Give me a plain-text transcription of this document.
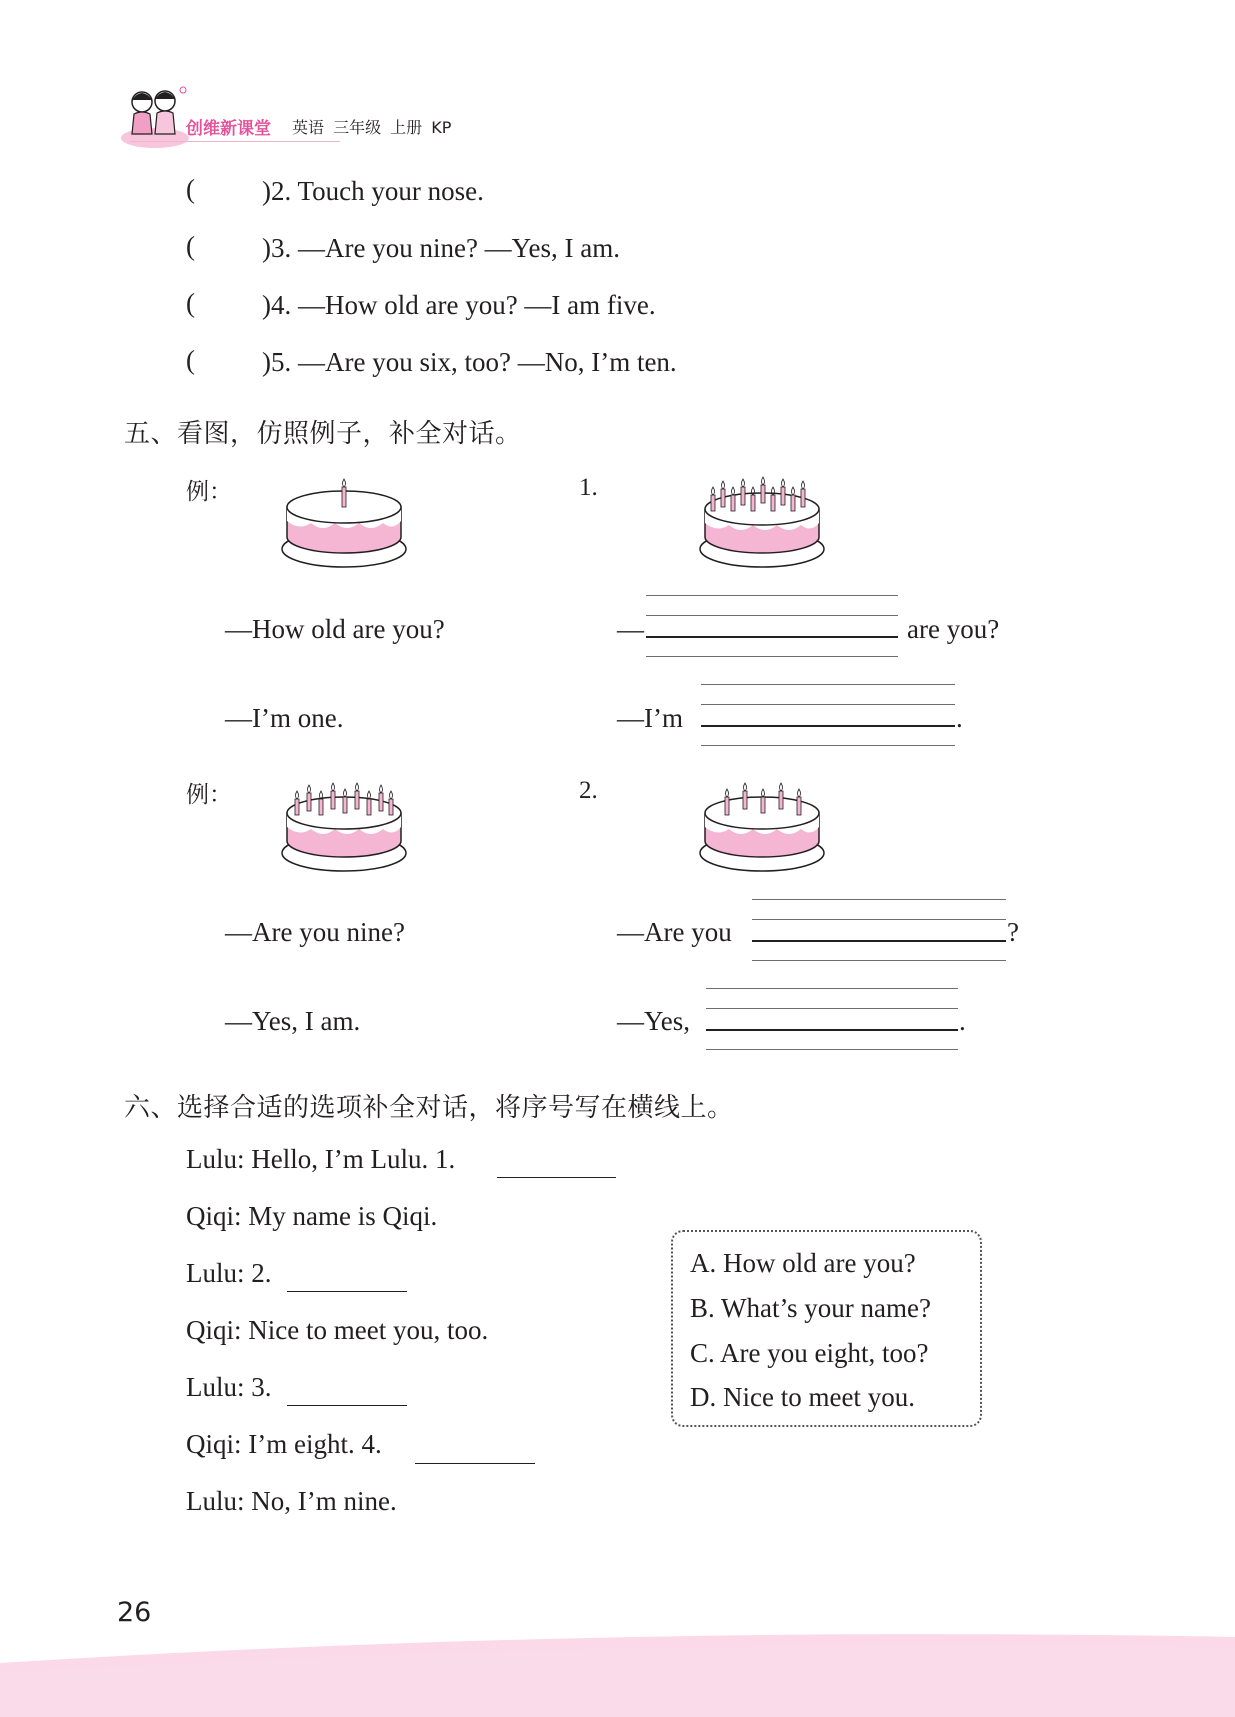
创维新课堂 英语 三年级 上册 KP
( )2. Touch your nose.
( )3. —Are you nine? —Yes, I am.
( )4. —How old are you? —I am five.
( )5. —Are you six, too? —No, I’m ten.
五、看图，仿照例子，补全对话。
例：	1.
—How old are you?
—I’m one.
—	are you?
—I’m	.
例：	2.
—Are you nine?
—Yes, I am.
—Are you	?
—Yes,	.
六、选择合适的选项补全对话，将序号写在横线上。
Lulu: Hello, I’m Lulu. 1.
Qiqi: My name is Qiqi.
Lulu: 2.
Qiqi: Nice to meet you, too.
Lulu: 3.
Qiqi: I’m eight. 4.
Lulu: No, I’m nine.
A. How old are you?
B. What’s your name?
C. Are you eight, too?
D. Nice to meet you.
26
